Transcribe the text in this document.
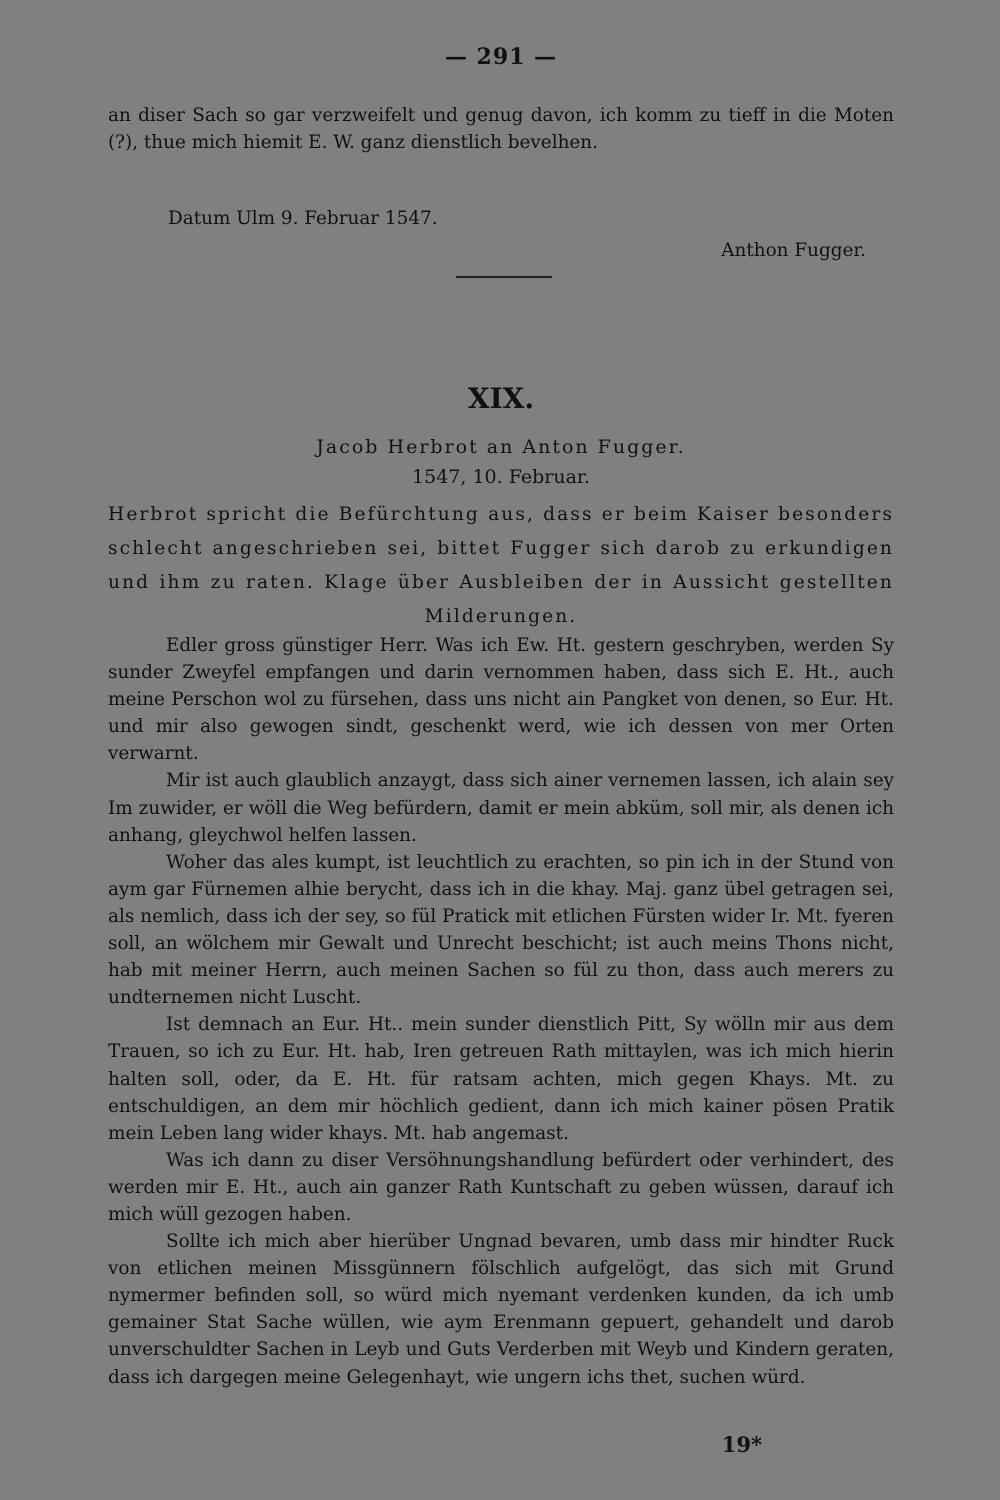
— 291 —

an diser Sach so gar verzweifelt und genug davon, ich komm zu tieff in die Moten (?), thue mich hiemit E. W. ganz dienstlich bevelhen.

Datum Ulm 9. Februar 1547.
Anthon Fugger.
XIX.
Jacob Herbrot an Anton Fugger.
1547, 10. Februar.

Herbrot spricht die Befürchtung aus, dass er beim Kaiser besonders schlecht angeschrieben sei, bittet Fugger sich darob zu erkundigen und ihm zu raten. Klage über Ausbleiben der in Aussicht gestellten Milderungen.

Edler gross günstiger Herr. Was ich Ew. Ht. gestern geschryben, werden Sy sunder Zweyfel empfangen und darin vernommen haben, dass sich E. Ht., auch meine Perschon wol zu fürsehen, dass uns nicht ain Pangket von denen, so Eur. Ht. und mir also gewogen sindt, geschenkt werd, wie ich dessen von mer Orten verwarnt.

Mir ist auch glaublich anzaygt, dass sich ainer vernemen lassen, ich alain sey Im zuwider, er wöll die Weg befürdern, damit er mein abküm, soll mir, als denen ich anhang, gleychwol helfen lassen.

Woher das ales kumpt, ist leuchtlich zu erachten, so pin ich in der Stund von aym gar Fürnemen alhie berycht, dass ich in die khay. Maj. ganz übel getragen sei, als nemlich, dass ich der sey, so fül Pratick mit etlichen Fürsten wider Ir. Mt. fyeren soll, an wölchem mir Gewalt und Unrecht beschicht; ist auch meins Thons nicht, hab mit meiner Herrn, auch meinen Sachen so fül zu thon, dass auch merers zu undternemen nicht Luscht.

Ist demnach an Eur. Ht.. mein sunder dienstlich Pitt, Sy wölln mir aus dem Trauen, so ich zu Eur. Ht. hab, Iren getreuen Rath mittaylen, was ich mich hierin halten soll, oder, da E. Ht. für ratsam achten, mich gegen Khays. Mt. zu entschuldigen, an dem mir höchlich gedient, dann ich mich kainer pösen Pratik mein Leben lang wider khays. Mt. hab angemast.

Was ich dann zu diser Versöhnungshandlung befürdert oder verhindert, des werden mir E. Ht., auch ain ganzer Rath Kuntschaft zu geben wüssen, darauf ich mich wüll gezogen haben.

Sollte ich mich aber hierüber Ungnad bevaren, umb dass mir hindter Ruck von etlichen meinen Missgünnern fölschlich aufgelögt, das sich mit Grund nymermer befinden soll, so würd mich nyemant verdenken kunden, da ich umb gemainer Stat Sache wüllen, wie aym Erenmann gepuert, gehandelt und darob unverschuldter Sachen in Leyb und Guts Verderben mit Weyb und Kindern geraten, dass ich dargegen meine Gelegenhayt, wie ungern ichs thet, suchen würd.

19*
